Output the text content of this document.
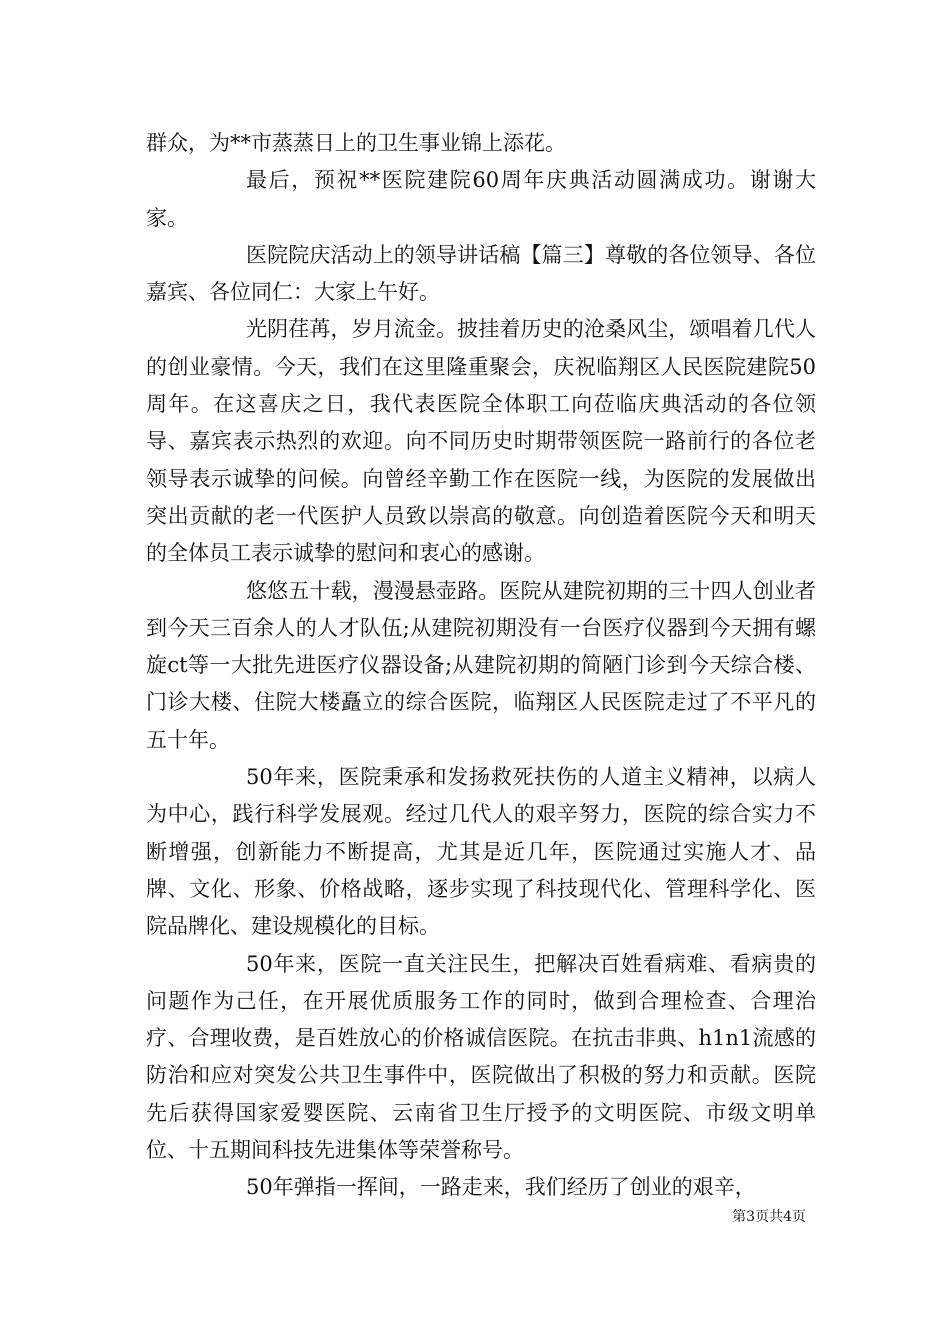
群众，为**市蒸蒸日上的卫生事业锦上添花。

最后，预祝**医院建院60周年庆典活动圆满成功。谢谢大家。

医院院庆活动上的领导讲话稿【篇三】尊敬的各位领导、各位嘉宾、各位同仁：大家上午好。

光阴荏苒，岁月流金。披挂着历史的沧桑风尘，颂唱着几代人的创业豪情。今天，我们在这里隆重聚会，庆祝临翔区人民医院建院50周年。在这喜庆之日，我代表医院全体职工向莅临庆典活动的各位领导、嘉宾表示热烈的欢迎。向不同历史时期带领医院一路前行的各位老领导表示诚挚的问候。向曾经辛勤工作在医院一线，为医院的发展做出突出贡献的老一代医护人员致以崇高的敬意。向创造着医院今天和明天的全体员工表示诚挚的慰问和衷心的感谢。

悠悠五十载，漫漫悬壶路。医院从建院初期的三十四人创业者到今天三百余人的人才队伍;从建院初期没有一台医疗仪器到今天拥有螺旋ct等一大批先进医疗仪器设备;从建院初期的简陋门诊到今天综合楼、门诊大楼、住院大楼矗立的综合医院，临翔区人民医院走过了不平凡的五十年。

50年来，医院秉承和发扬救死扶伤的人道主义精神，以病人为中心，践行科学发展观。经过几代人的艰辛努力，医院的综合实力不断增强，创新能力不断提高，尤其是近几年，医院通过实施人才、品牌、文化、形象、价格战略，逐步实现了科技现代化、管理科学化、医院品牌化、建设规模化的目标。

50年来，医院一直关注民生，把解决百姓看病难、看病贵的问题作为己任，在开展优质服务工作的同时，做到合理检查、合理治疗、合理收费，是百姓放心的价格诚信医院。在抗击非典、h1n1流感的防治和应对突发公共卫生事件中，医院做出了积极的努力和贡献。医院先后获得国家爱婴医院、云南省卫生厅授予的文明医院、市级文明单位、十五期间科技先进集体等荣誉称号。

50年弹指一挥间，一路走来，我们经历了创业的艰辛，

第3页共4页
